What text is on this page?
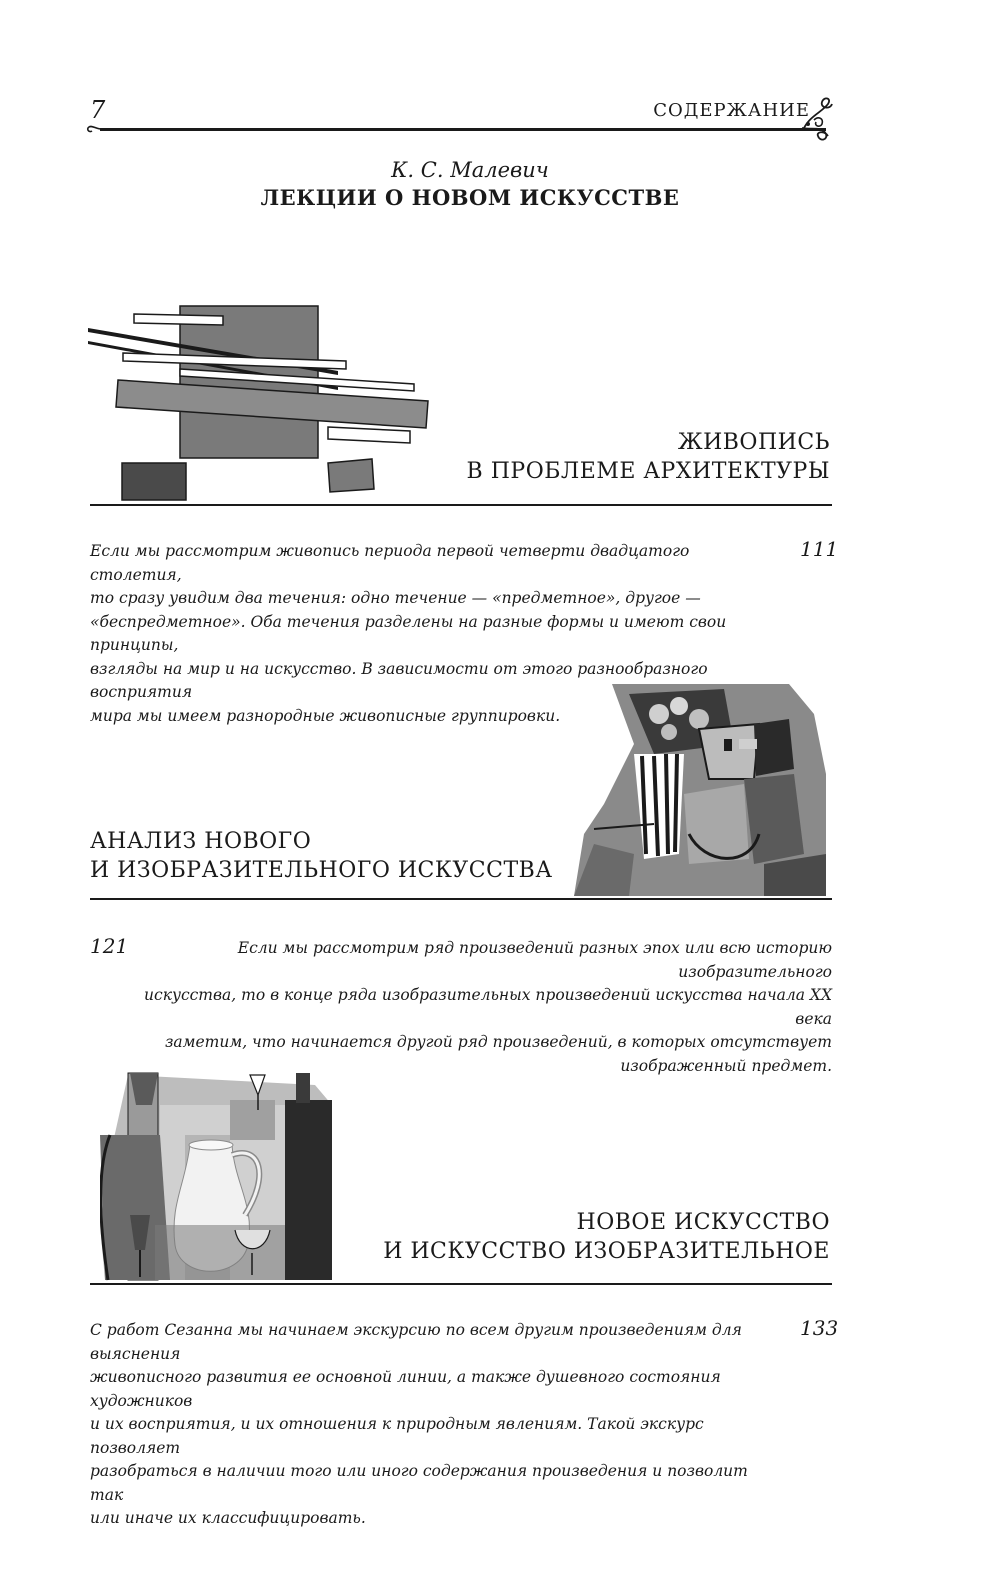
7	СОДЕРЖАНИЕ
К. С. Малевич
ЛЕКЦИИ О НОВОМ ИСКУССТВЕ
ЖИВОПИСЬ
В ПРОБЛЕМЕ АРХИТЕКТУРЫ
Если мы рассмотрим живопись периода первой четверти двадцатого столетия,
то сразу увидим два течения: одно течение — «предметное», другое —
«беспредметное». Оба течения разделены на разные формы и имеют свои принципы,
взгляды на мир и на искусство. В зависимости от этого разнообразного восприятия
мира мы имеем разнородные живописные группировки.
111
АНАЛИЗ НОВОГО
И ИЗОБРАЗИТЕЛЬНОГО ИСКУССТВА
121	Если мы рассмотрим ряд произведений разных эпох или всю историю изобразительного
искусства, то в конце ряда изобразительных произведений искусства начала XX века
заметим, что начинается другой ряд произведений, в которых отсутствует
изображенный предмет.
НОВОЕ ИСКУССТВО
И ИСКУССТВО ИЗОБРАЗИТЕЛЬНОЕ
С работ Сезанна мы начинаем экскурсию по всем другим произведениям для выяснения
живописного развития ее основной линии, а также душевного состояния художников
и их восприятия, и их отношения к природным явлениям. Такой экскурс позволяет
разобраться в наличии того или иного содержания произведения и позволит так
или иначе их классифицировать.
133
